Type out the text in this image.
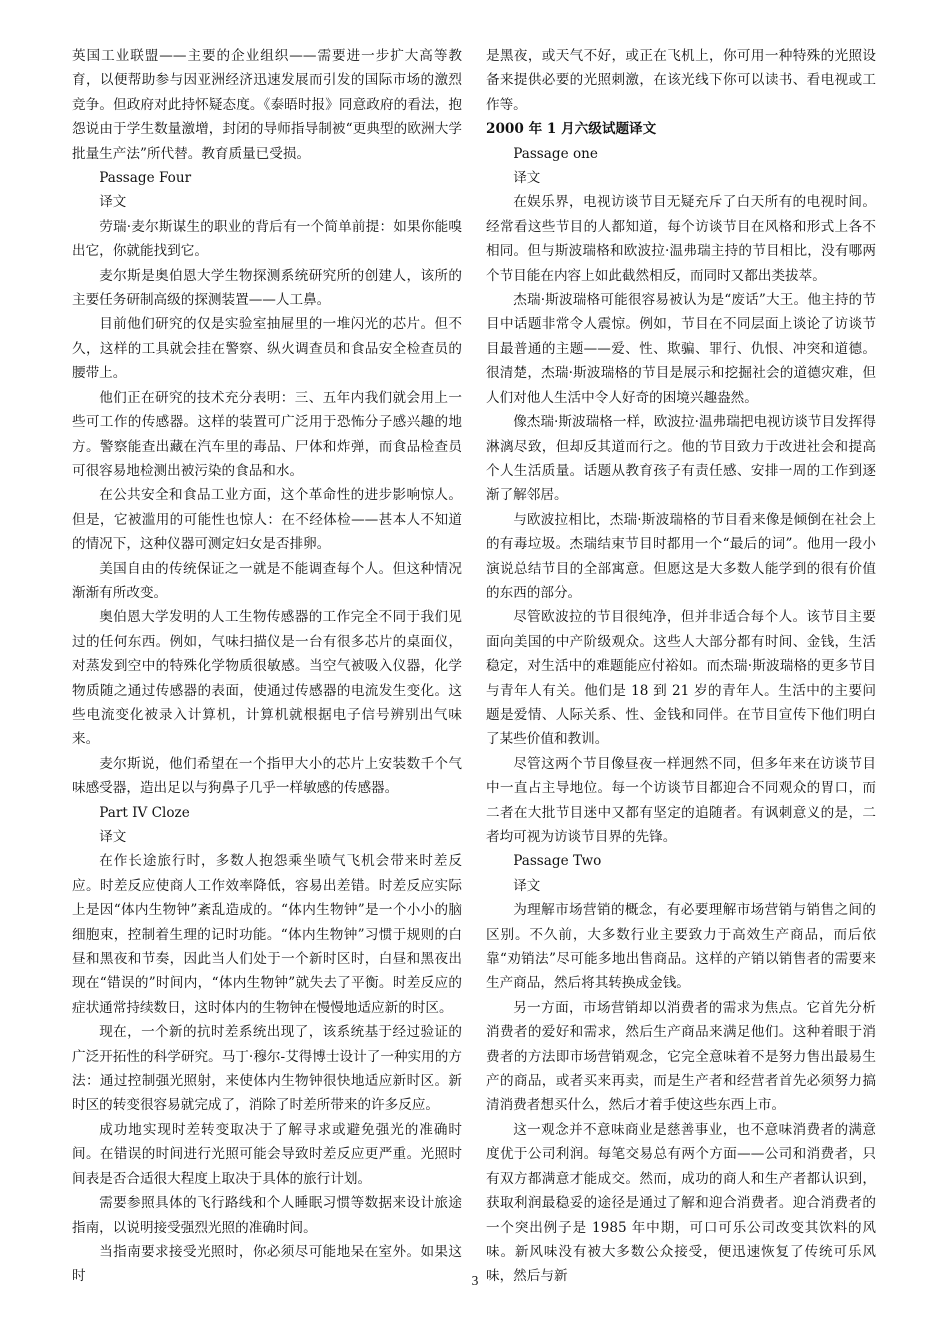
英国工业联盟——主要的企业组织——需要进一步扩大高等教育，以便帮助参与因亚洲经济迅速发展而引发的国际市场的激烈竞争。但政府对此持怀疑态度。《泰晤时报》同意政府的看法，抱怨说由于学生数量激增，封闭的导师指导制被“更典型的欧洲大学批量生产法”所代替。教育质量已受损。

Passage Four

译文

劳瑞·麦尔斯谋生的职业的背后有一个简单前提：如果你能嗅出它，你就能找到它。

麦尔斯是奥伯恩大学生物探测系统研究所的创建人，该所的主要任务研制高级的探测装置——人工鼻。

目前他们研究的仅是实验室抽屉里的一堆闪光的芯片。但不久，这样的工具就会挂在警察、纵火调查员和食品安全检查员的腰带上。

他们正在研究的技术充分表明：三、五年内我们就会用上一些可工作的传感器。这样的装置可广泛用于恐怖分子感兴趣的地方。警察能查出藏在汽车里的毒品、尸体和炸弹，而食品检查员可很容易地检测出被污染的食品和水。

在公共安全和食品工业方面，这个革命性的进步影响惊人。但是，它被滥用的可能性也惊人：在不经体检——甚本人不知道的情况下，这种仪器可测定妇女是否排卵。

美国自由的传统保证之一就是不能调查每个人。但这种情况渐渐有所改变。

奥伯恩大学发明的人工生物传感器的工作完全不同于我们见过的任何东西。例如，气味扫描仪是一台有很多芯片的桌面仪，对蒸发到空中的特殊化学物质很敏感。当空气被吸入仪器，化学物质随之通过传感器的表面，使通过传感器的电流发生变化。这些电流变化被录入计算机，计算机就根据电子信号辨别出气味来。

麦尔斯说，他们希望在一个指甲大小的芯片上安装数千个气味感受器，造出足以与狗鼻子几乎一样敏感的传感器。

Part IV Cloze

译文

在作长途旅行时，多数人抱怨乘坐喷气飞机会带来时差反应。时差反应使商人工作效率降低，容易出差错。时差反应实际上是因“体内生物钟”紊乱造成的。“体内生物钟”是一个小小的脑细胞束，控制着生理的记时功能。“体内生物钟”习惯于规则的白昼和黑夜和节奏，因此当人们处于一个新时区时，白昼和黑夜出现在“错误的”时间内，“体内生物钟”就失去了平衡。时差反应的症状通常持续数日，这时体内的生物钟在慢慢地适应新的时区。

现在，一个新的抗时差系统出现了，该系统基于经过验证的广泛开拓性的科学研究。马丁·穆尔-艾得博士设计了一种实用的方法：通过控制强光照射，来使体内生物钟很快地适应新时区。新时区的转变很容易就完成了，消除了时差所带来的许多反应。

成功地实现时差转变取决于了解寻求或避免强光的准确时间。在错误的时间进行光照可能会导致时差反应更严重。光照时间表是否合适很大程度上取决于具体的旅行计划。

需要参照具体的飞行路线和个人睡眠习惯等数据来设计旅途指南，以说明接受强烈光照的准确时间。

当指南要求接受光照时，你必须尽可能地呆在室外。如果这时

是黑夜，或天气不好，或正在飞机上，你可用一种特殊的光照设备来提供必要的光照刺激，在该光线下你可以读书、看电视或工作等。

2000 年 1 月六级试题译文

Passage one

译文

在娱乐界，电视访谈节目无疑充斥了白天所有的电视时间。经常看这些节目的人都知道，每个访谈节目在风格和形式上各不相同。但与斯波瑞格和欧波拉·温弗瑞主持的节目相比，没有哪两个节目能在内容上如此截然相反，而同时又都出类拔萃。

杰瑞·斯波瑞格可能很容易被认为是“废话”大王。他主持的节目中话题非常令人震惊。例如，节目在不同层面上谈论了访谈节目最普通的主题——爱、性、欺骗、罪行、仇恨、冲突和道德。很清楚，杰瑞·斯波瑞格的节目是展示和挖掘社会的道德灾难，但人们对他人生活中令人好奇的困境兴趣盎然。

像杰瑞·斯波瑞格一样，欧波拉·温弗瑞把电视访谈节目发挥得淋漓尽致，但却反其道而行之。他的节目致力于改进社会和提高个人生活质量。话题从教育孩子有责任感、安排一周的工作到逐渐了解邻居。

与欧波拉相比，杰瑞·斯波瑞格的节目看来像是倾倒在社会上的有毒垃圾。杰瑞结束节目时都用一个“最后的词”。他用一段小演说总结节目的全部寓意。但愿这是大多数人能学到的很有价值的东西的部分。

尽管欧波拉的节目很纯净，但并非适合每个人。该节目主要面向美国的中产阶级观众。这些人大部分都有时间、金钱，生活稳定，对生活中的难题能应付裕如。而杰瑞·斯波瑞格的更多节目与青年人有关。他们是 18 到 21 岁的青年人。生活中的主要问题是爱情、人际关系、性、金钱和同伴。在节目宣传下他们明白了某些价值和教训。

尽管这两个节目像昼夜一样迥然不同，但多年来在访谈节目中一直占主导地位。每一个访谈节目都迎合不同观众的胃口，而二者在大批节目迷中又都有坚定的追随者。有讽刺意义的是，二者均可视为访谈节目界的先锋。

Passage Two

译文

为理解市场营销的概念，有必要理解市场营销与销售之间的区别。不久前，大多数行业主要致力于高效生产商品，而后依靠“劝销法”尽可能多地出售商品。这样的产销以销售者的需要来生产商品，然后将其转换成金钱。

另一方面，市场营销却以消费者的需求为焦点。它首先分析消费者的爱好和需求，然后生产商品来满足他们。这种着眼于消费者的方法即市场营销观念，它完全意味着不是努力售出最易生产的商品，或者买来再卖，而是生产者和经营者首先必须努力搞清消费者想买什么，然后才着手使这些东西上市。

这一观念并不意味商业是慈善事业，也不意味消费者的满意度优于公司利润。每笔交易总有两个方面——公司和消费者，只有双方都满意才能成交。然而，成功的商人和生产者都认识到，获取利润最稳妥的途径是通过了解和迎合消费者。迎合消费者的一个突出例子是 1985 年中期，可口可乐公司改变其饮料的风味。新风味没有被大多数公众接受，便迅速恢复了传统可乐风味，然后与新

3
